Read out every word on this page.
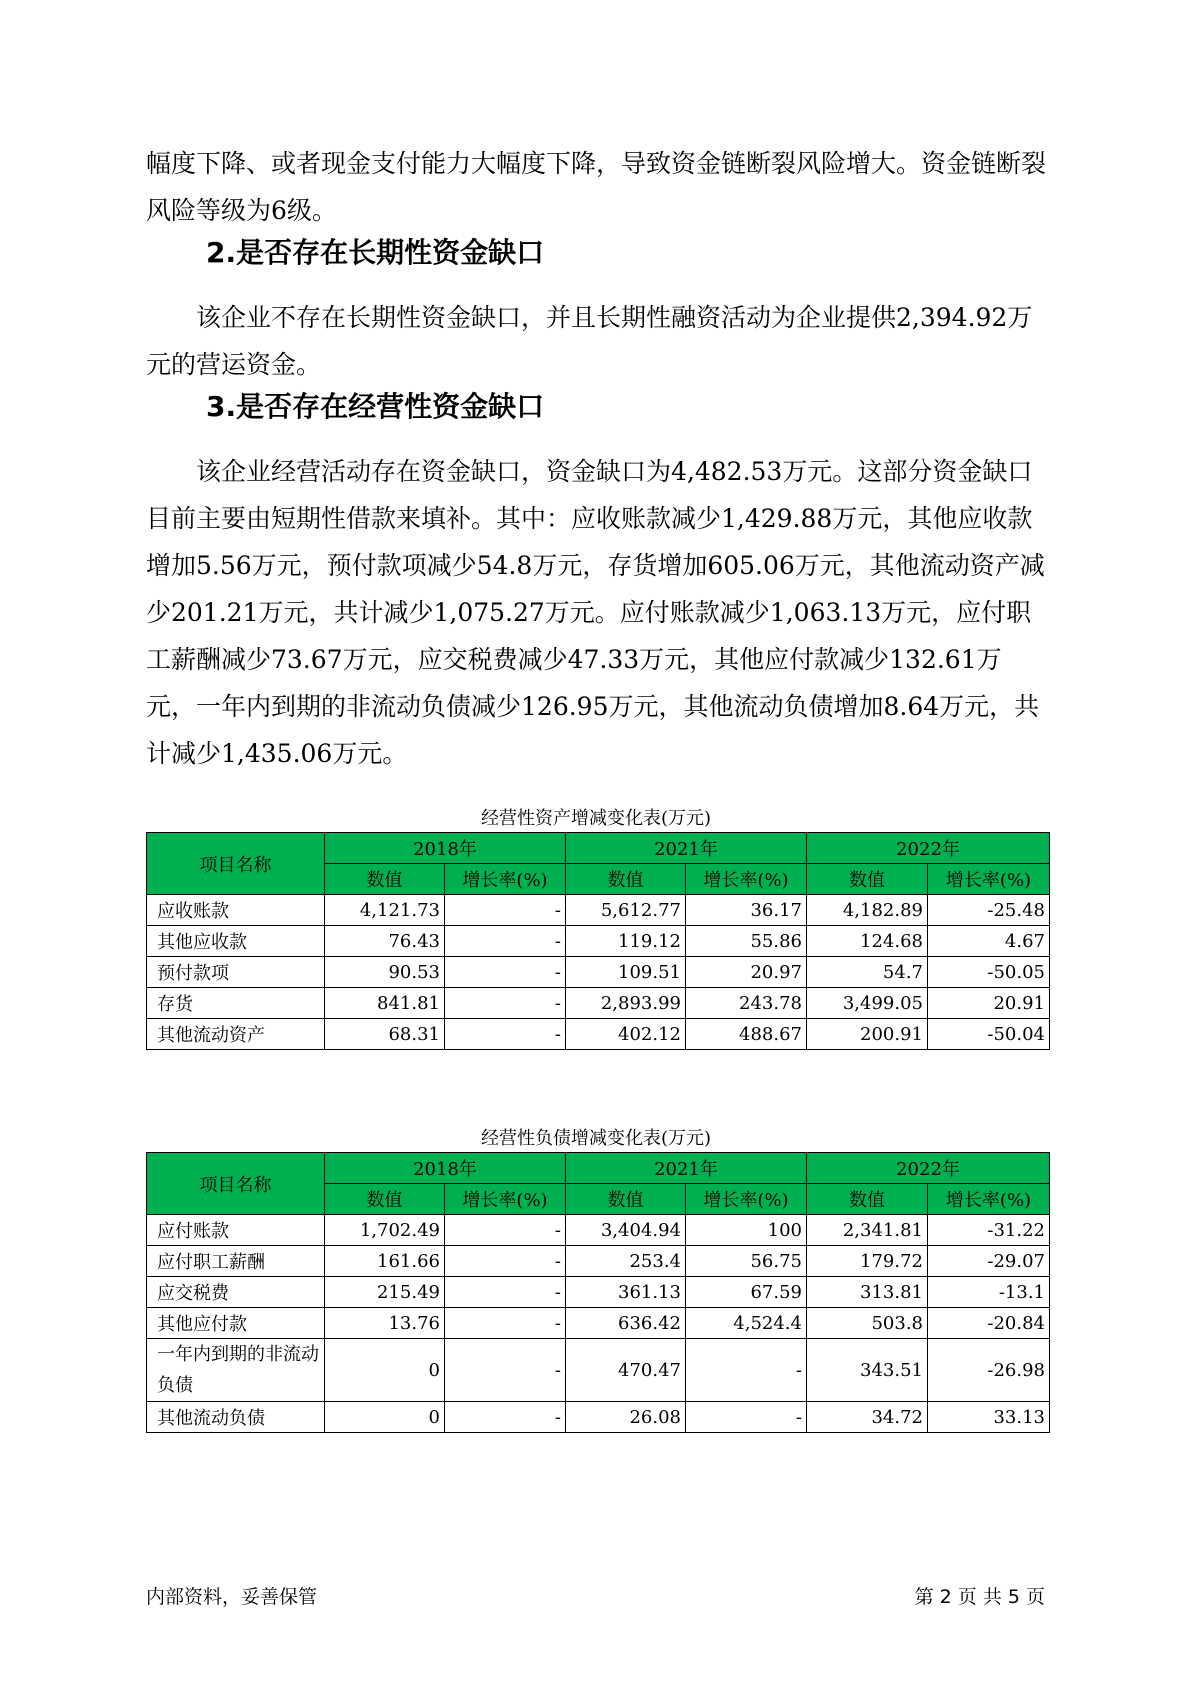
幅度下降、或者现金支付能力大幅度下降，导致资金链断裂风险增大。资金链断裂风险等级为6级。

2.是否存在长期性资金缺口

该企业不存在长期性资金缺口，并且长期性融资活动为企业提供2,394.92万元的营运资金。

3.是否存在经营性资金缺口

该企业经营活动存在资金缺口，资金缺口为4,482.53万元。这部分资金缺口目前主要由短期性借款来填补。其中：应收账款减少1,429.88万元，其他应收款增加5.56万元，预付款项减少54.8万元，存货增加605.06万元，其他流动资产减少201.21万元，共计减少1,075.27万元。应付账款减少1,063.13万元，应付职工薪酬减少73.67万元，应交税费减少47.33万元，其他应付款减少132.61万元，一年内到期的非流动负债减少126.95万元，其他流动负债增加8.64万元，共计减少1,435.06万元。

经营性资产增减变化表(万元)
项目名称	2018年		2021年		2022年	
	数值	增长率(%)	数值	增长率(%)	数值	增长率(%)
应收账款	4,121.73	-	5,612.77	36.17	4,182.89	-25.48
其他应收款	76.43	-	119.12	55.86	124.68	4.67
预付款项	90.53	-	109.51	20.97	54.7	-50.05
存货	841.81	-	2,893.99	243.78	3,499.05	20.91
其他流动资产	68.31	-	402.12	488.67	200.91	-50.04
经营性负债增减变化表(万元)
项目名称	2018年		2021年		2022年	
	数值	增长率(%)	数值	增长率(%)	数值	增长率(%)
应付账款	1,702.49	-	3,404.94	100	2,341.81	-31.22
应付职工薪酬	161.66	-	253.4	56.75	179.72	-29.07
应交税费	215.49	-	361.13	67.59	313.81	-13.1
其他应付款	13.76	-	636.42	4,524.4	503.8	-20.84
一年内到期的非流动负债	0	-	470.47	-	343.51	-26.98
其他流动负债	0	-	26.08	-	34.72	33.13
内部资料，妥善保管	第 2 页 共 5 页
